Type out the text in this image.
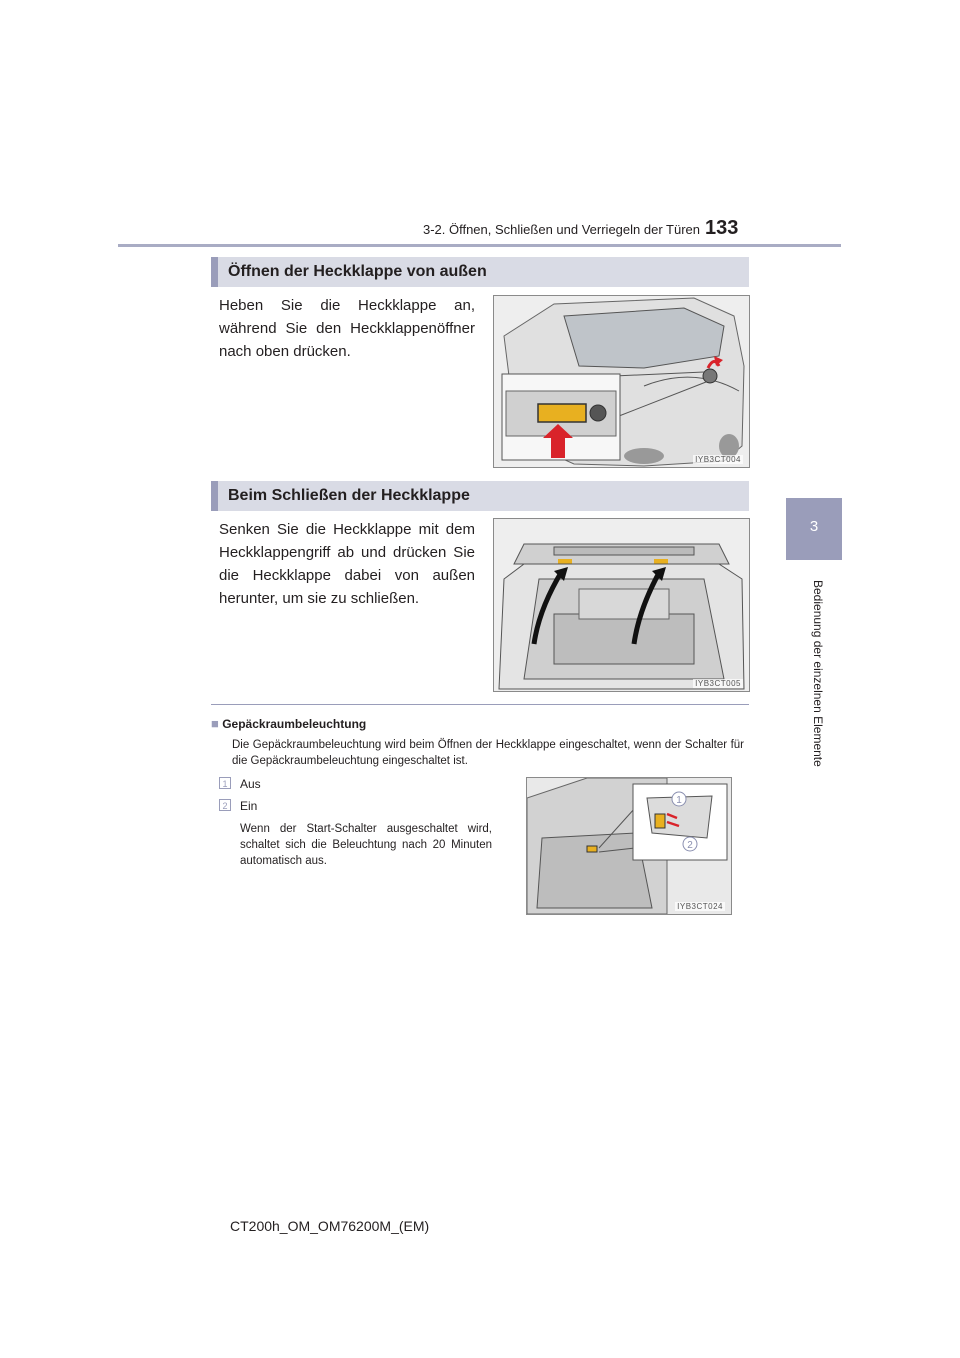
3-2. Öffnen, Schließen und Verriegeln der Türen 133
3
Bedienung der einzelnen Elemente
Öffnen der Heckklappe von außen
Heben Sie die Heckklappe an, während Sie den Heckklappenöffner nach oben drücken.
IYB3CT004
Beim Schließen der Heckklappe
Senken Sie die Heckklappe mit dem Heckklappengriff ab und drücken Sie die Heckklappe dabei von außen herunter, um sie zu schließen.
IYB3CT005
■ Gepäckraumbeleuchtung
Die Gepäckraumbeleuchtung wird beim Öffnen der Heckklappe eingeschaltet, wenn der Schalter für die Gepäckraumbeleuchtung eingeschaltet ist.
1 Aus
2 Ein
Wenn der Start-Schalter ausgeschaltet wird, schaltet sich die Beleuchtung nach 20 Minuten automatisch aus.
1
2
IYB3CT024
CT200h_OM_OM76200M_(EM)
